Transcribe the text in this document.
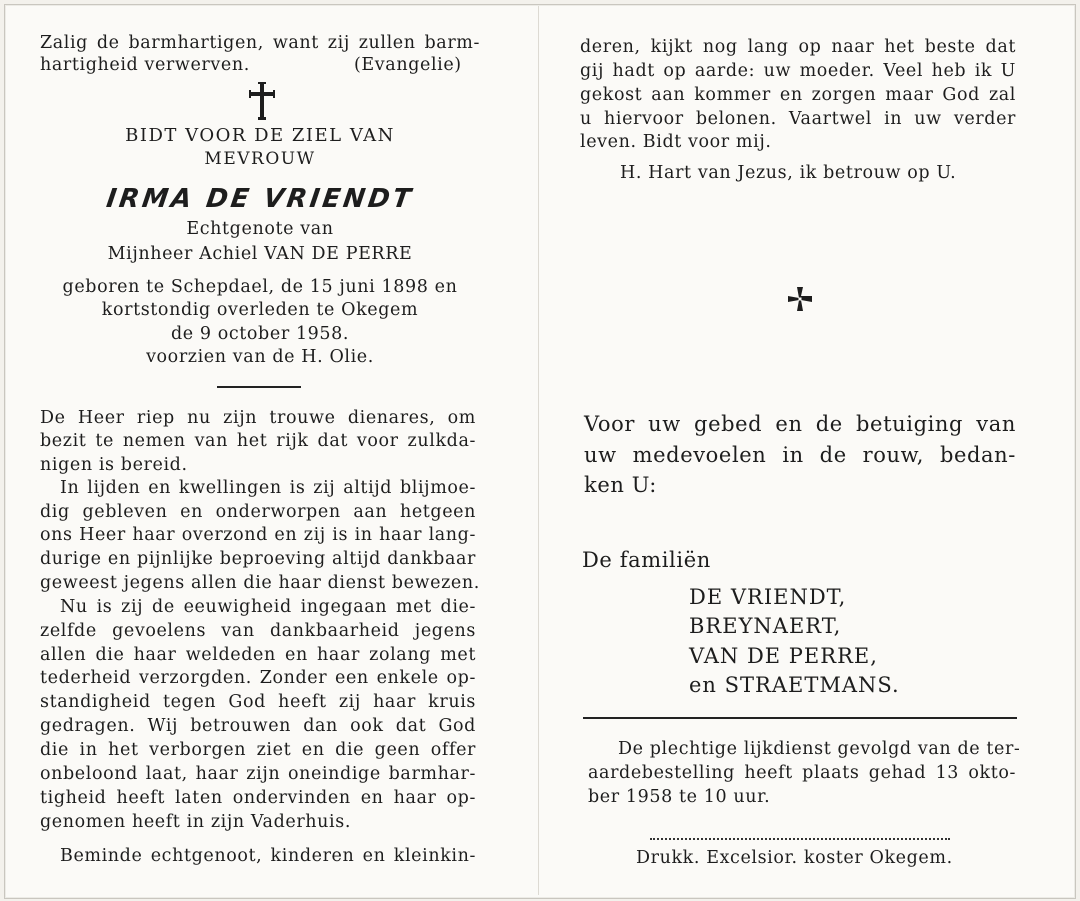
Zalig de barmhartigen, want zij zullen barm-
hartigheid verwerven.	(Evangelie)
BIDT VOOR DE ZIEL VAN
MEVROUW
IRMA DE VRIENDT
Echtgenote van
Mijnheer Achiel VAN DE PERRE
geboren te Schepdael, de 15 juni 1898 en
kortstondig overleden te Okegem
de 9 october 1958.
voorzien van de H. Olie.
De Heer riep nu zijn trouwe dienares, om
bezit te nemen van het rijk dat voor zulkda-
nigen is bereid.
In lijden en kwellingen is zij altijd blijmoe-
dig gebleven en onderworpen aan hetgeen
ons Heer haar overzond en zij is in haar lang-
durige en pijnlijke beproeving altijd dankbaar
geweest jegens allen die haar dienst bewezen.
Nu is zij de eeuwigheid ingegaan met die-
zelfde gevoelens van dankbaarheid jegens
allen die haar weldeden en haar zolang met
tederheid verzorgden. Zonder een enkele op-
standigheid tegen God heeft zij haar kruis
gedragen. Wij betrouwen dan ook dat God
die in het verborgen ziet en die geen offer
onbeloond laat, haar zijn oneindige barmhar-
tigheid heeft laten ondervinden en haar op-
genomen heeft in zijn Vaderhuis.
Beminde echtgenoot, kinderen en kleinkin-
deren, kijkt nog lang op naar het beste dat
gij hadt op aarde: uw moeder. Veel heb ik U
gekost aan kommer en zorgen maar God zal
u hiervoor belonen. Vaartwel in uw verder
leven. Bidt voor mij.
H. Hart van Jezus, ik betrouw op U.
Voor uw gebed en de betuiging van
uw medevoelen in de rouw, bedan-
ken U:
De familiën
DE VRIENDT,
BREYNAERT,
VAN DE PERRE,
en STRAETMANS.
De plechtige lijkdienst gevolgd van de ter-
aardebestelling heeft plaats gehad 13 okto-
ber 1958 te 10 uur.
Drukk. Excelsior. koster Okegem.
